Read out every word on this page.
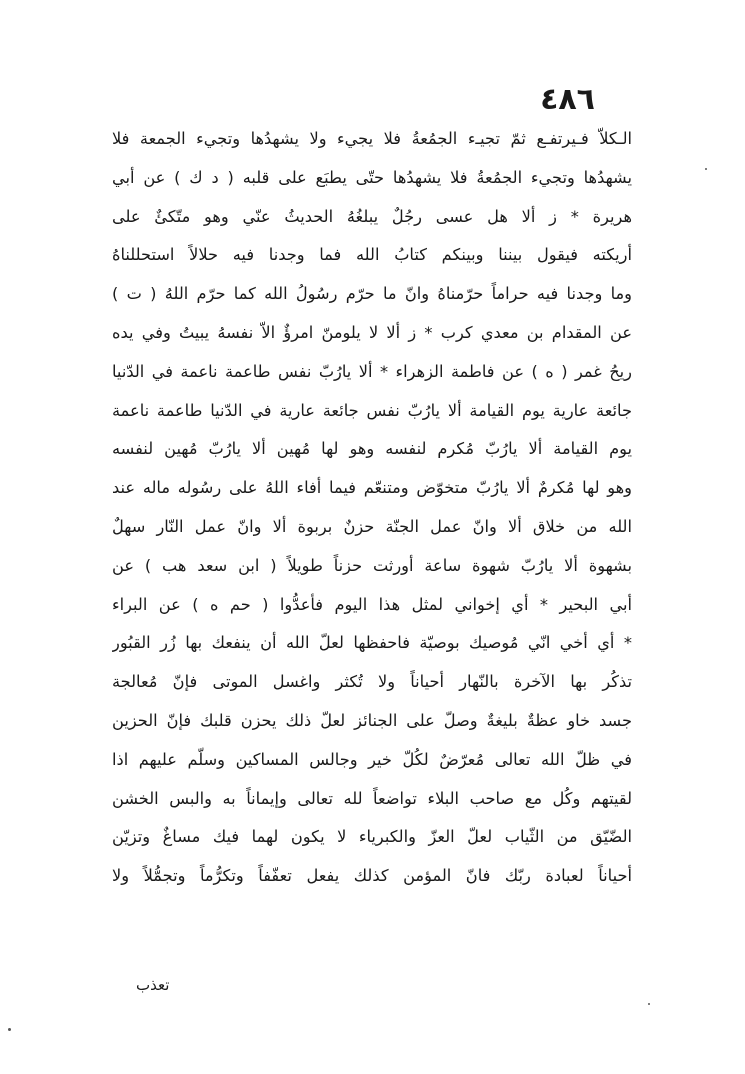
٤٨٦
الـكلاّ فـيرتفـع ثمّ تجيـء الجمُعةُ فلا يجيء ولا يشهدُها وتجيء الجمعة فلا
يشهدُها وتجيء الجمُعةُ فلا يشهدُها حتّى يطبَع على قلبه ( د ك ) عن أبي
هريرة * ز ألا هل عسى رجُلٌ يبلغُهُ الحديثُ عنّي وهو متّكئٌ على
أريكته فيقول بيننا وبينكم كتابُ الله فما وجدنا فيه حلالاً استحللناهُ
وما وجدنا فيه حراماً حرّمناهُ وانّ ما حرّم رسُولُ الله كما حرّم اللهُ ( ت )
عن المقدام بن معدي كرب * ز ألا لا يلومنّ امرؤٌ الاّ نفسهُ يبيتُ وفي يده
ريحُ غمر ( ه ) عن فاطمة الزهراء * ألا يارُبّ نفس طاعمة ناعمة في الدّنيا
جائعة عارية يوم القيامة ألا يارُبّ نفس جائعة عارية في الدّنيا طاعمة ناعمة
يوم القيامة ألا يارُبّ مُكرم لنفسه وهو لها مُهين ألا يارُبّ مُهين لنفسه
وهو لها مُكرمٌ ألا يارُبّ متخوّض ومتنعّم فيما أفاء اللهُ على رسُوله ماله عند
الله من خلاق ألا وانّ عمل الجنّة حزنٌ بربوة ألا وانّ عمل النّار سهلٌ
بشهوة ألا يارُبّ شهوة ساعة أورثت حزناً طويلاً ( ابن سعد هب ) عن
أبي البحير * أي إخواني لمثل هذا اليوم فأعدُّوا ( حم ه ) عن البراء
* أي أخي انّي مُوصيك بوصيّة فاحفظها لعلّ الله أن ينفعك بها زُر القبُور
تذكُر بها الآخرة بالنّهار أحياناً ولا تُكثر واغسل الموتى فإنّ مُعالجة
جسد خاو عظةٌ بليغةٌ وصلّ على الجنائز لعلّ ذلك يحزن قلبك فإنّ الحزين
في ظلّ الله تعالى مُعرّضٌ لكُلّ خير وجالس المساكين وسلّم عليهم اذا
لقيتهم وكُل مع صاحب البلاء تواضعاً لله تعالى وإيماناً به والبس الخشن
الضّيّق من الثّياب لعلّ العزّ والكبرياء لا يكون لهما فيك مساغٌ وتزيّن
أحياناً لعبادة ربّك فانّ المؤمن كذلك يفعل تعفّفاً وتكرُّماً وتجمُّلاً ولا
تعذب
